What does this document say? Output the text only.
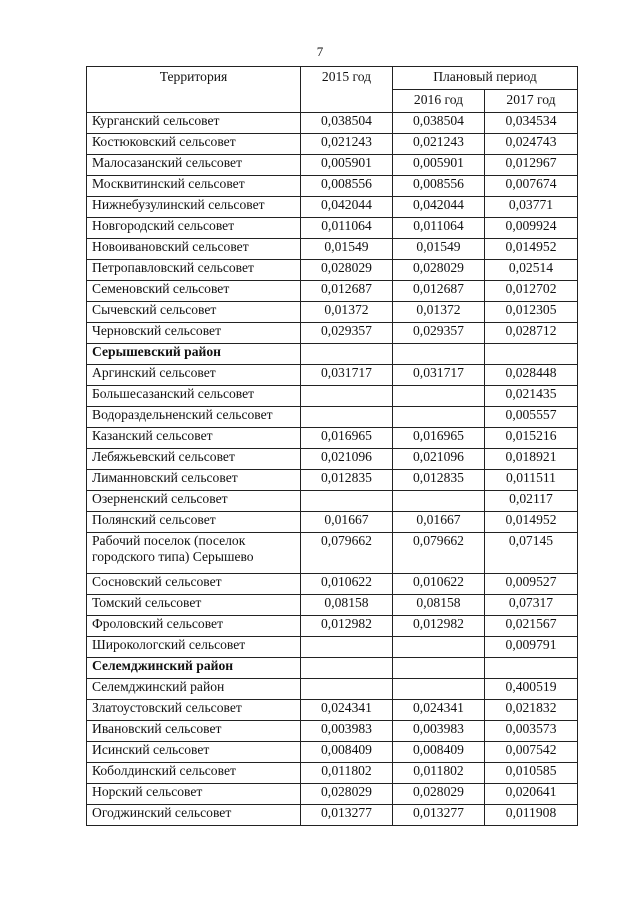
7
Территория	2015 год	Плановый период	
		2016 год	2017 год
Курганский сельсовет	0,038504	0,038504	0,034534
Костюковский сельсовет	0,021243	0,021243	0,024743
Малосазанский сельсовет	0,005901	0,005901	0,012967
Москвитинский сельсовет	0,008556	0,008556	0,007674
Нижнебузулинский сельсовет	0,042044	0,042044	0,03771
Новгородский сельсовет	0,011064	0,011064	0,009924
Новоивановский сельсовет	0,01549	0,01549	0,014952
Петропавловский сельсовет	0,028029	0,028029	0,02514
Семеновский сельсовет	0,012687	0,012687	0,012702
Сычевский сельсовет	0,01372	0,01372	0,012305
Черновский сельсовет	0,029357	0,029357	0,028712
Серышевский район			
Аргинский сельсовет	0,031717	0,031717	0,028448
Большесазанский сельсовет			0,021435
Водораздельненский сельсовет			0,005557
Казанский сельсовет	0,016965	0,016965	0,015216
Лебяжьевский сельсовет	0,021096	0,021096	0,018921
Лиманновский сельсовет	0,012835	0,012835	0,011511
Озерненский сельсовет			0,02117
Полянский сельсовет	0,01667	0,01667	0,014952
Рабочий поселок (поселок городского типа) Серышево	0,079662	0,079662	0,07145
Сосновский сельсовет	0,010622	0,010622	0,009527
Томский сельсовет	0,08158	0,08158	0,07317
Фроловский сельсовет	0,012982	0,012982	0,021567
Широкологский сельсовет			0,009791
Селемджинский район			
Селемджинский район			0,400519
Златоустовский сельсовет	0,024341	0,024341	0,021832
Ивановский сельсовет	0,003983	0,003983	0,003573
Исинский сельсовет	0,008409	0,008409	0,007542
Коболдинский сельсовет	0,011802	0,011802	0,010585
Норский сельсовет	0,028029	0,028029	0,020641
Огоджинский сельсовет	0,013277	0,013277	0,011908
